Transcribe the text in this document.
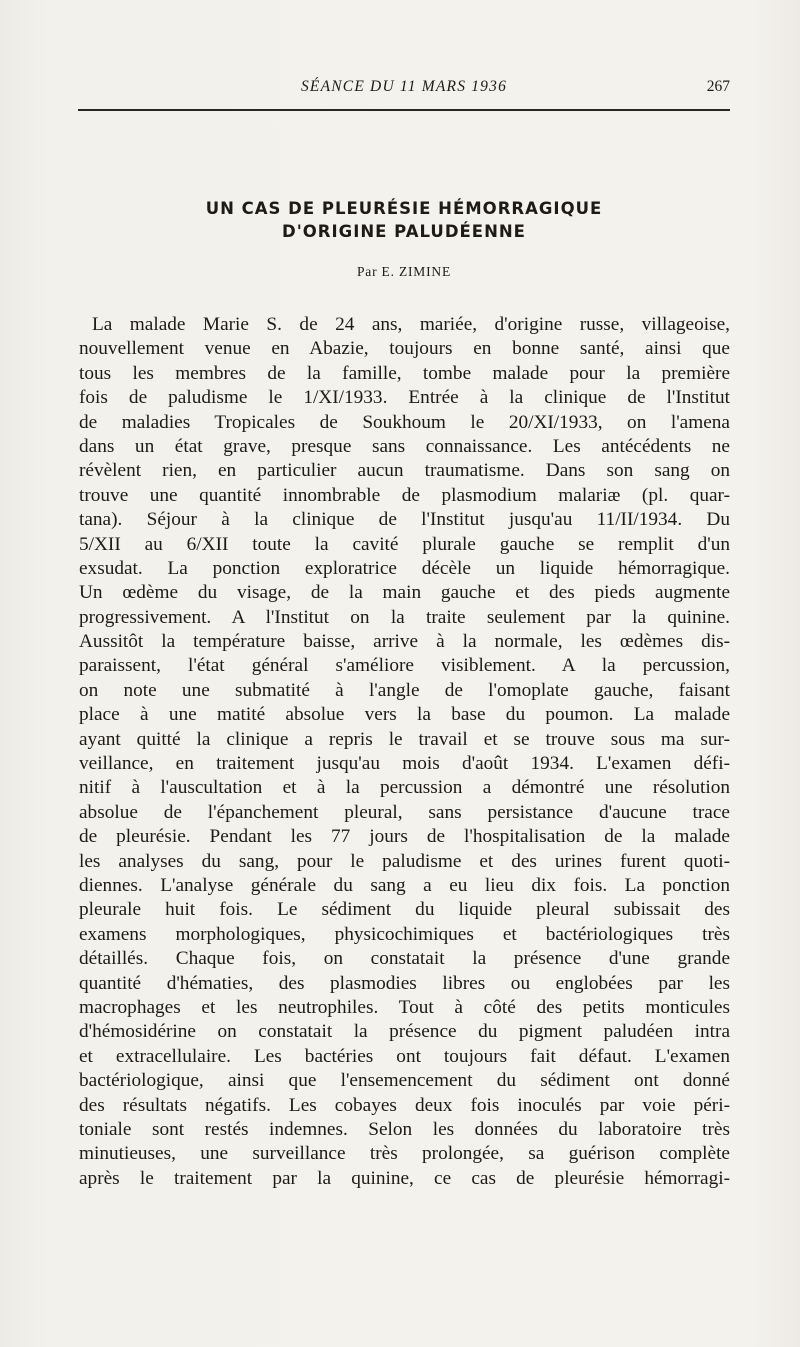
SÉANCE DU 11 MARS 1936	267
UN CAS DE PLEURÉSIE HÉMORRAGIQUE
D'ORIGINE PALUDÉENNE
Par E. ZIMINE
La malade Marie S. de 24 ans, mariée, d'origine russe, villageoise,
nouvellement venue en Abazie, toujours en bonne santé, ainsi que
tous les membres de la famille, tombe malade pour la première
fois de paludisme le 1/XI/1933. Entrée à la clinique de l'Institut
de maladies Tropicales de Soukhoum le 20/XI/1933, on l'amena
dans un état grave, presque sans connaissance. Les antécédents ne
révèlent rien, en particulier aucun traumatisme. Dans son sang on
trouve une quantité innombrable de plasmodium malariæ (pl. quar-
tana). Séjour à la clinique de l'Institut jusqu'au 11/II/1934. Du
5/XII au 6/XII toute la cavité plurale gauche se remplit d'un
exsudat. La ponction exploratrice décèle un liquide hémorragique.
Un œdème du visage, de la main gauche et des pieds augmente
progressivement. A l'Institut on la traite seulement par la quinine.
Aussitôt la température baisse, arrive à la normale, les œdèmes dis-
paraissent, l'état général s'améliore visiblement. A la percussion,
on note une submatité à l'angle de l'omoplate gauche, faisant
place à une matité absolue vers la base du poumon. La malade
ayant quitté la clinique a repris le travail et se trouve sous ma sur-
veillance, en traitement jusqu'au mois d'août 1934. L'examen défi-
nitif à l'auscultation et à la percussion a démontré une résolution
absolue de l'épanchement pleural, sans persistance d'aucune trace
de pleurésie. Pendant les 77 jours de l'hospitalisation de la malade
les analyses du sang, pour le paludisme et des urines furent quoti-
diennes. L'analyse générale du sang a eu lieu dix fois. La ponction
pleurale huit fois. Le sédiment du liquide pleural subissait des
examens morphologiques, physicochimiques et bactériologiques très
détaillés. Chaque fois, on constatait la présence d'une grande
quantité d'hématies, des plasmodies libres ou englobées par les
macrophages et les neutrophiles. Tout à côté des petits monticules
d'hémosidérine on constatait la présence du pigment paludéen intra
et extracellulaire. Les bactéries ont toujours fait défaut. L'examen
bactériologique, ainsi que l'ensemencement du sédiment ont donné
des résultats négatifs. Les cobayes deux fois inoculés par voie péri-
toniale sont restés indemnes. Selon les données du laboratoire très
minutieuses, une surveillance très prolongée, sa guérison complète
après le traitement par la quinine, ce cas de pleurésie hémorragi-
